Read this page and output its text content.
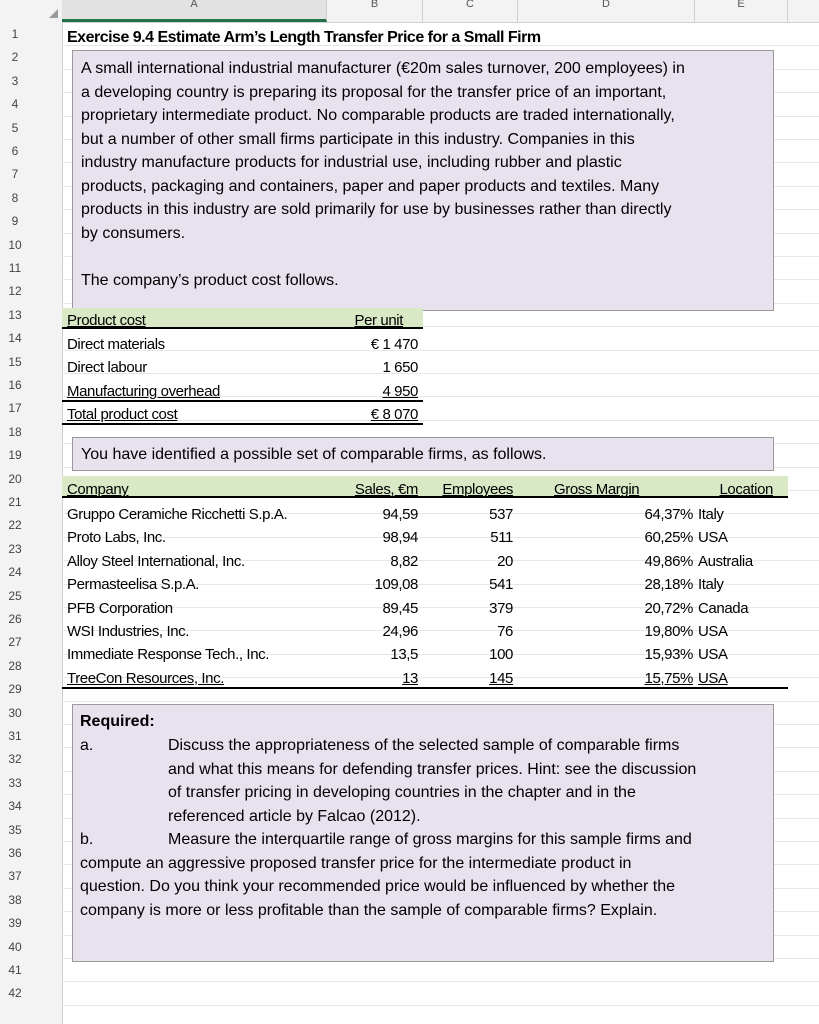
A	B	C	D	E
1
2
3
4
5
6
7
8
9
10
11
12
13
14
15
16
17
18
19
20
21
22
23
24
25
26
27
28
29
30
31
32
33
34
35
36
37
38
39
40
41
42
Exercise 9.4 Estimate Arm’s Length Transfer Price for a Small Firm
A small international industrial manufacturer (€20m sales turnover, 200 employees) in
a developing country is preparing its proposal for the transfer price of an important,
proprietary intermediate product. No comparable products are traded internationally,
but a number of other small firms participate in this industry. Companies in this
industry manufacture products for industrial use, including rubber and plastic
products, packaging and containers, paper and paper products and textiles. Many
products in this industry are sold primarily for use by businesses rather than directly
by consumers.
The company’s product cost follows.
Product cost	Per unit
Direct materials	€ 1 470
Direct labour	1 650
Manufacturing overhead	4 950
Total product cost	€ 8 070
You have identified a possible set of comparable firms, as follows.
Company	Sales, €m	Employees	Gross Margin	Location
Gruppo Ceramiche Ricchetti S.p.A.	94,59	537	64,37% Italy
Proto Labs, Inc.	98,94	511	60,25% USA
Alloy Steel International, Inc.	8,82	20	49,86% Australia
Permasteelisa S.p.A.	109,08	541	28,18% Italy
PFB Corporation	89,45	379	20,72% Canada
WSI Industries, Inc.	24,96	76	19,80% USA
Immediate Response Tech., Inc.	13,5	100	15,93% USA
TreeCon Resources, Inc.	13	145	15,75% USA
Required:
a.	Discuss the appropriateness of the selected sample of comparable firms
and what this means for defending transfer prices. Hint: see the discussion
of transfer pricing in developing countries in the chapter and in the
referenced article by Falcao (2012).
b.	Measure the interquartile range of gross margins for this sample firms and
compute an aggressive proposed transfer price for the intermediate product in
question. Do you think your recommended price would be influenced by whether the
company is more or less profitable than the sample of comparable firms? Explain.
